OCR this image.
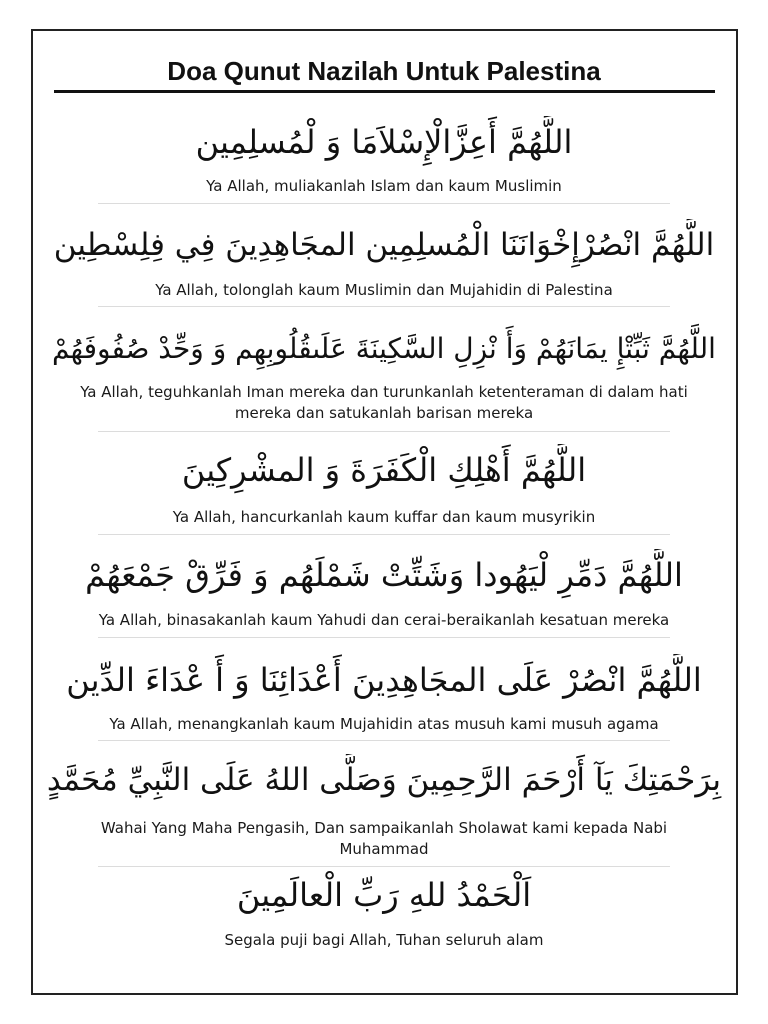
Doa Qunut Nazilah Untuk Palestina
اللَّهُمَّ أَعِزَّالْإِسْلاَمَا وَ لْمُسلِمِين
Ya Allah, muliakanlah Islam dan kaum Muslimin
اللَّهُمَّ انْصُرْإِخْوَانَنَا الْمُسلِمِين المجَاهِدِينَ فِي فِلِسْطِين
Ya Allah, tolonglah kaum Muslimin dan Mujahidin di Palestina
اللَّهُمَّ ثَبِّتْإِ يمَانَهُمْ وَأَ نْزِلِ السَّكِينَةَ عَلَىقُلُوبِهِم وَ وَحِّدْ صُفُوفَهُمْ
Ya Allah, teguhkanlah Iman mereka dan turunkanlah ketenteraman di dalam hati
mereka dan satukanlah barisan mereka
اللَّهُمَّ أَهْلِكِ الْكَفَرَةَ وَ المشْرِكِينَ
Ya Allah, hancurkanlah kaum kuffar dan kaum musyrikin
اللَّهُمَّ دَمِّرِ لْيَهُودا وَشَتِّتْ شَمْلَهُم وَ فَرِّقْ جَمْعَهُمْ
Ya Allah, binasakanlah kaum Yahudi dan cerai-beraikanlah kesatuan mereka
اللَّهُمَّ انْصُرْ عَلَى المجَاهِدِينَ أَعْدَائِنَا وَ أَ عْدَاءَ الدِّين
Ya Allah, menangkanlah kaum Mujahidin atas musuh kami musuh agama
بِرَحْمَتِكَ يَآ أَرْحَمَ الرَّحِمِينَ وَصَلَّى اللهُ عَلَى النَّبِيِّ مُحَمَّدٍ
Wahai Yang Maha Pengasih, Dan sampaikanlah Sholawat kami kepada Nabi
Muhammad
اَلْحَمْدُ للهِ رَبِّ الْعالَمِينَ
Segala puji bagi Allah, Tuhan seluruh alam
